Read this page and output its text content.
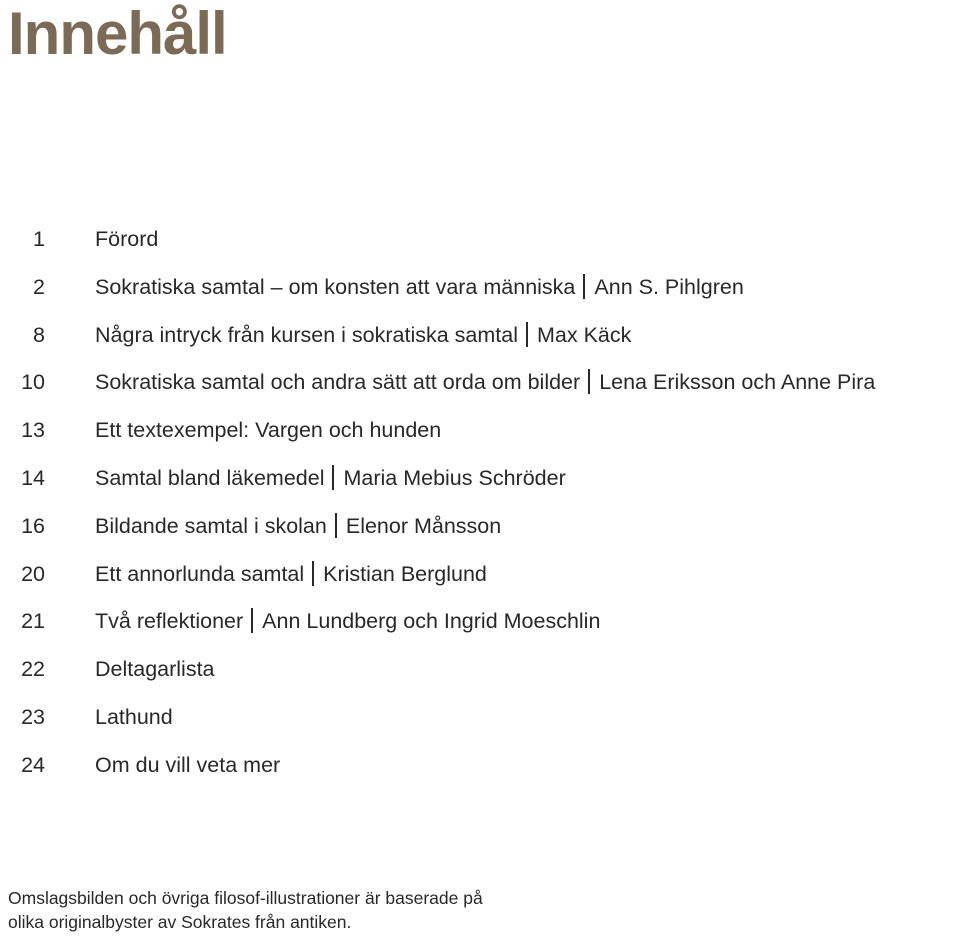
Innehåll
1 Förord
2 Sokratiska samtal – om konsten att vara människa Ann S. Pihlgren
8 Några intryck från kursen i sokratiska samtal Max Käck
10 Sokratiska samtal och andra sätt att orda om bilder Lena Eriksson och Anne Pira
13 Ett textexempel: Vargen och hunden
14 Samtal bland läkemedel Maria Mebius Schröder
16 Bildande samtal i skolan Elenor Månsson
20 Ett annorlunda samtal Kristian Berglund
21 Två reflektioner Ann Lundberg och Ingrid Moeschlin
22 Deltagarlista
23 Lathund
24 Om du vill veta mer

Omslagsbilden och övriga filosof-illustrationer är baserade på
olika originalbyster av Sokrates från antiken.
